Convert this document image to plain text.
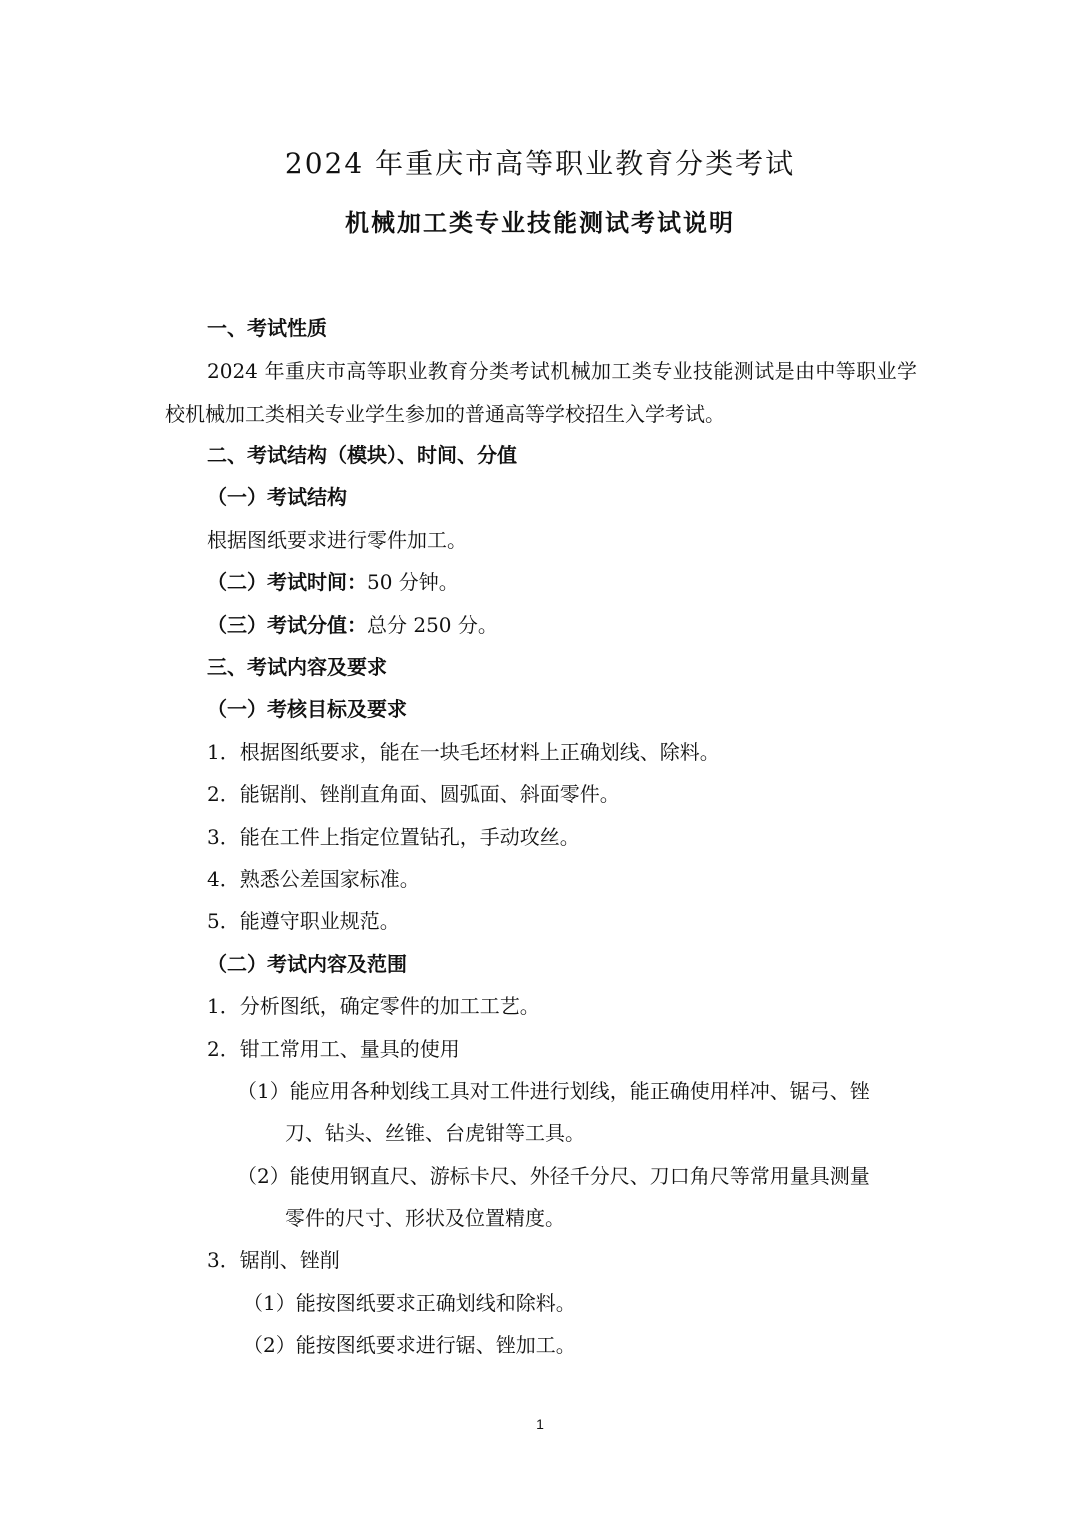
2024 年重庆市高等职业教育分类考试
机械加工类专业技能测试考试说明
一、考试性质
2024 年重庆市高等职业教育分类考试机械加工类专业技能测试是由中等职业学校机械加工类相关专业学生参加的普通高等学校招生入学考试。
二、考试结构（模块）、时间、分值
（一）考试结构
根据图纸要求进行零件加工。
（二）考试时间：50 分钟。
（三）考试分值：总分 250 分。
三、考试内容及要求
（一）考核目标及要求
1．根据图纸要求，能在一块毛坯材料上正确划线、除料。
2．能锯削、锉削直角面、圆弧面、斜面零件。
3．能在工件上指定位置钻孔，手动攻丝。
4．熟悉公差国家标准。
5．能遵守职业规范。
（二）考试内容及范围
1．分析图纸，确定零件的加工工艺。
2．钳工常用工、量具的使用
（1）能应用各种划线工具对工件进行划线，能正确使用样冲、锯弓、锉
刀、钻头、丝锥、台虎钳等工具。
（2）能使用钢直尺、游标卡尺、外径千分尺、刀口角尺等常用量具测量
零件的尺寸、形状及位置精度。
3．锯削、锉削
（1）能按图纸要求正确划线和除料。
（2）能按图纸要求进行锯、锉加工。
1
